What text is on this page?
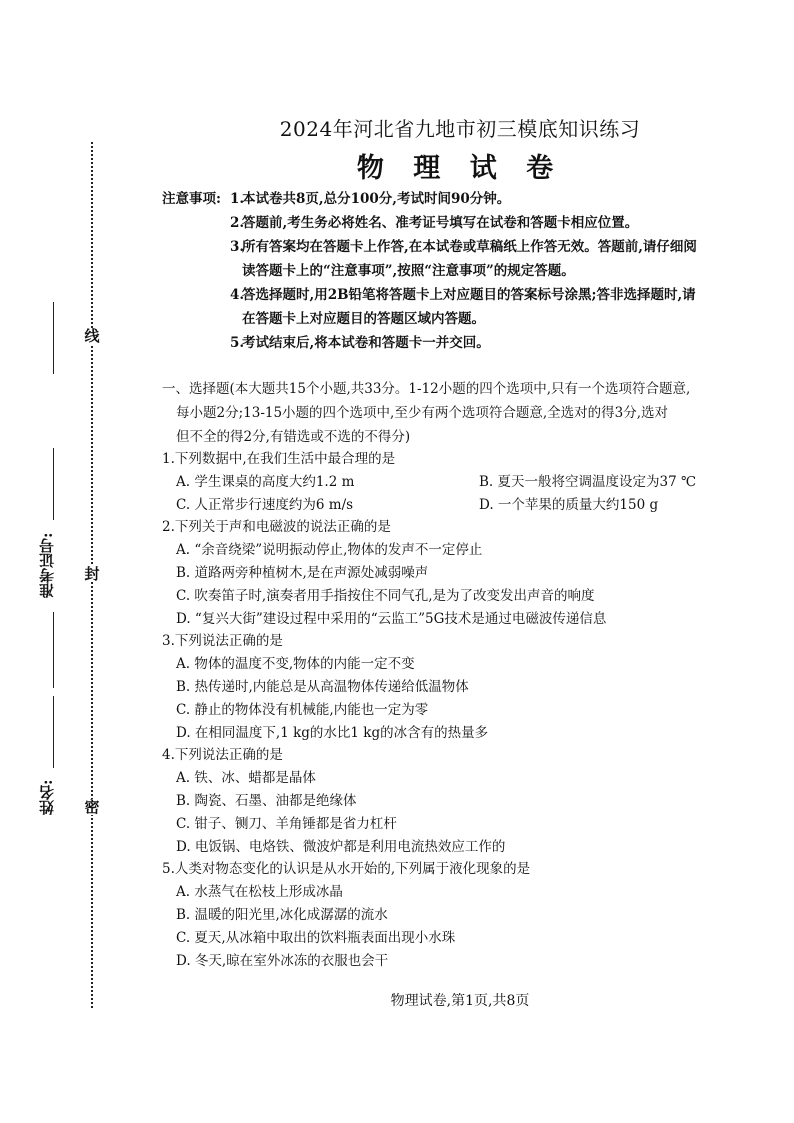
线
封
密
准考证号:
姓名:
2024年河北省九地市初三模底知识练习
物 理 试 卷
注意事项: 1.本试卷共8页,总分100分,考试时间90分钟。
2.答题前,考生务必将姓名、准考证号填写在试卷和答题卡相应位置。
3.所有答案均在答题卡上作答,在本试卷或草稿纸上作答无效。答题前,请仔细阅
读答题卡上的“注意事项”,按照“注意事项”的规定答题。
4.答选择题时,用2B铅笔将答题卡上对应题目的答案标号涂黑;答非选择题时,请
在答题卡上对应题目的答题区域内答题。
5.考试结束后,将本试卷和答题卡一并交回。
一、选择题(本大题共15个小题,共33分。1-12小题的四个选项中,只有一个选项符合题意,
每小题2分;13-15小题的四个选项中,至少有两个选项符合题意,全选对的得3分,选对
但不全的得2分,有错选或不选的不得分)
1.下列数据中,在我们生活中最合理的是
A. 学生课桌的高度大约1.2 m	B. 夏天一般将空调温度设定为37 ℃
C. 人正常步行速度约为6 m/s	D. 一个苹果的质量大约150 g
2.下列关于声和电磁波的说法正确的是
A. “余音绕梁”说明振动停止,物体的发声不一定停止
B. 道路两旁种植树木,是在声源处减弱噪声
C. 吹奏笛子时,演奏者用手指按住不同气孔,是为了改变发出声音的响度
D. “复兴大街”建设过程中采用的“云监工”5G技术是通过电磁波传递信息
3.下列说法正确的是
A. 物体的温度不变,物体的内能一定不变
B. 热传递时,内能总是从高温物体传递给低温物体
C. 静止的物体没有机械能,内能也一定为零
D. 在相同温度下,1 kg的水比1 kg的冰含有的热量多
4.下列说法正确的是
A. 铁、冰、蜡都是晶体
B. 陶瓷、石墨、油都是绝缘体
C. 钳子、铡刀、羊角锤都是省力杠杆
D. 电饭锅、电烙铁、微波炉都是利用电流热效应工作的
5.人类对物态变化的认识是从水开始的,下列属于液化现象的是
A. 水蒸气在松枝上形成冰晶
B. 温暖的阳光里,冰化成潺潺的流水
C. 夏天,从冰箱中取出的饮料瓶表面出现小水珠
D. 冬天,晾在室外冰冻的衣服也会干
物理试卷,第1页,共8页
